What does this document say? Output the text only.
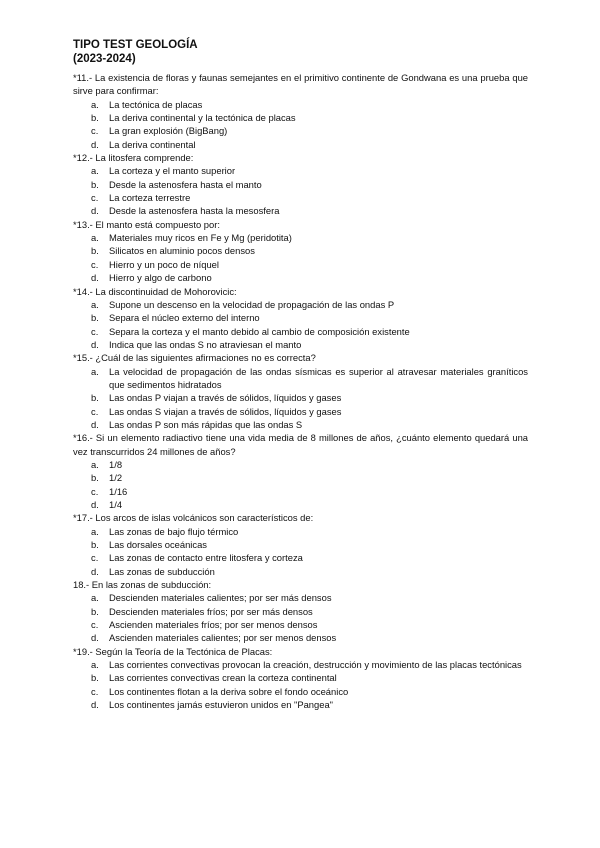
TIPO TEST GEOLOGÍA

(2023-2024)

*11.- La existencia de floras y faunas semejantes en el primitivo continente de Gondwana es una prueba que sirve para confirmar:

a.	La tectónica de placas
b.	La deriva continental y la tectónica de placas
c.	La gran explosión (BigBang)
d.	La deriva continental

*12.- La litosfera comprende:

a.	La corteza y el manto superior
b.	Desde la astenosfera hasta el manto
c.	La corteza terrestre
d.	Desde la astenosfera hasta la mesosfera

*13.- El manto está compuesto por:

a.	Materiales muy ricos en Fe y Mg (peridotita)
b.	Silicatos en aluminio pocos densos
c.	Hierro y un poco de níquel
d.	Hierro y algo de carbono

*14.- La discontinuidad de Mohorovicic:

a.	Supone un descenso en la velocidad de propagación de las ondas P
b.	Separa el núcleo externo del interno
c.	Separa la corteza y el manto debido al cambio de composición existente
d.	Indica que las ondas S no atraviesan el manto

*15.- ¿Cuál de las siguientes afirmaciones no es correcta?

a.	La velocidad de propagación de las ondas sísmicas es superior al atravesar materiales graníticos que sedimentos hidratados
b.	Las ondas P viajan a través de sólidos, líquidos y gases
c.	Las ondas S viajan a través de sólidos, líquidos y gases
d.	Las ondas P son más rápidas que las ondas S

*16.- Si un elemento radiactivo tiene una vida media de 8 millones de años, ¿cuánto elemento quedará una vez transcurridos 24 millones de años?

a.	1/8
b.	1/2
c.	1/16
d.	1/4

*17.- Los arcos de islas volcánicos son característicos de:

a.	Las zonas de bajo flujo térmico
b.	Las dorsales oceánicas
c.	Las zonas de contacto entre litosfera y corteza
d.	Las zonas de subducción

18.- En las zonas de subducción:

a.	Descienden materiales calientes; por ser más densos
b.	Descienden materiales fríos; por ser más densos
c.	Ascienden materiales fríos; por ser menos densos
d.	Ascienden materiales calientes; por ser menos densos

*19.- Según la Teoría de la Tectónica de Placas:

a.	Las corrientes convectivas provocan la creación, destrucción y movimiento de las placas tectónicas
b.	Las corrientes convectivas crean la corteza continental
c.	Los continentes flotan a la deriva sobre el fondo oceánico
d.	Los continentes jamás estuvieron unidos en "Pangea"
